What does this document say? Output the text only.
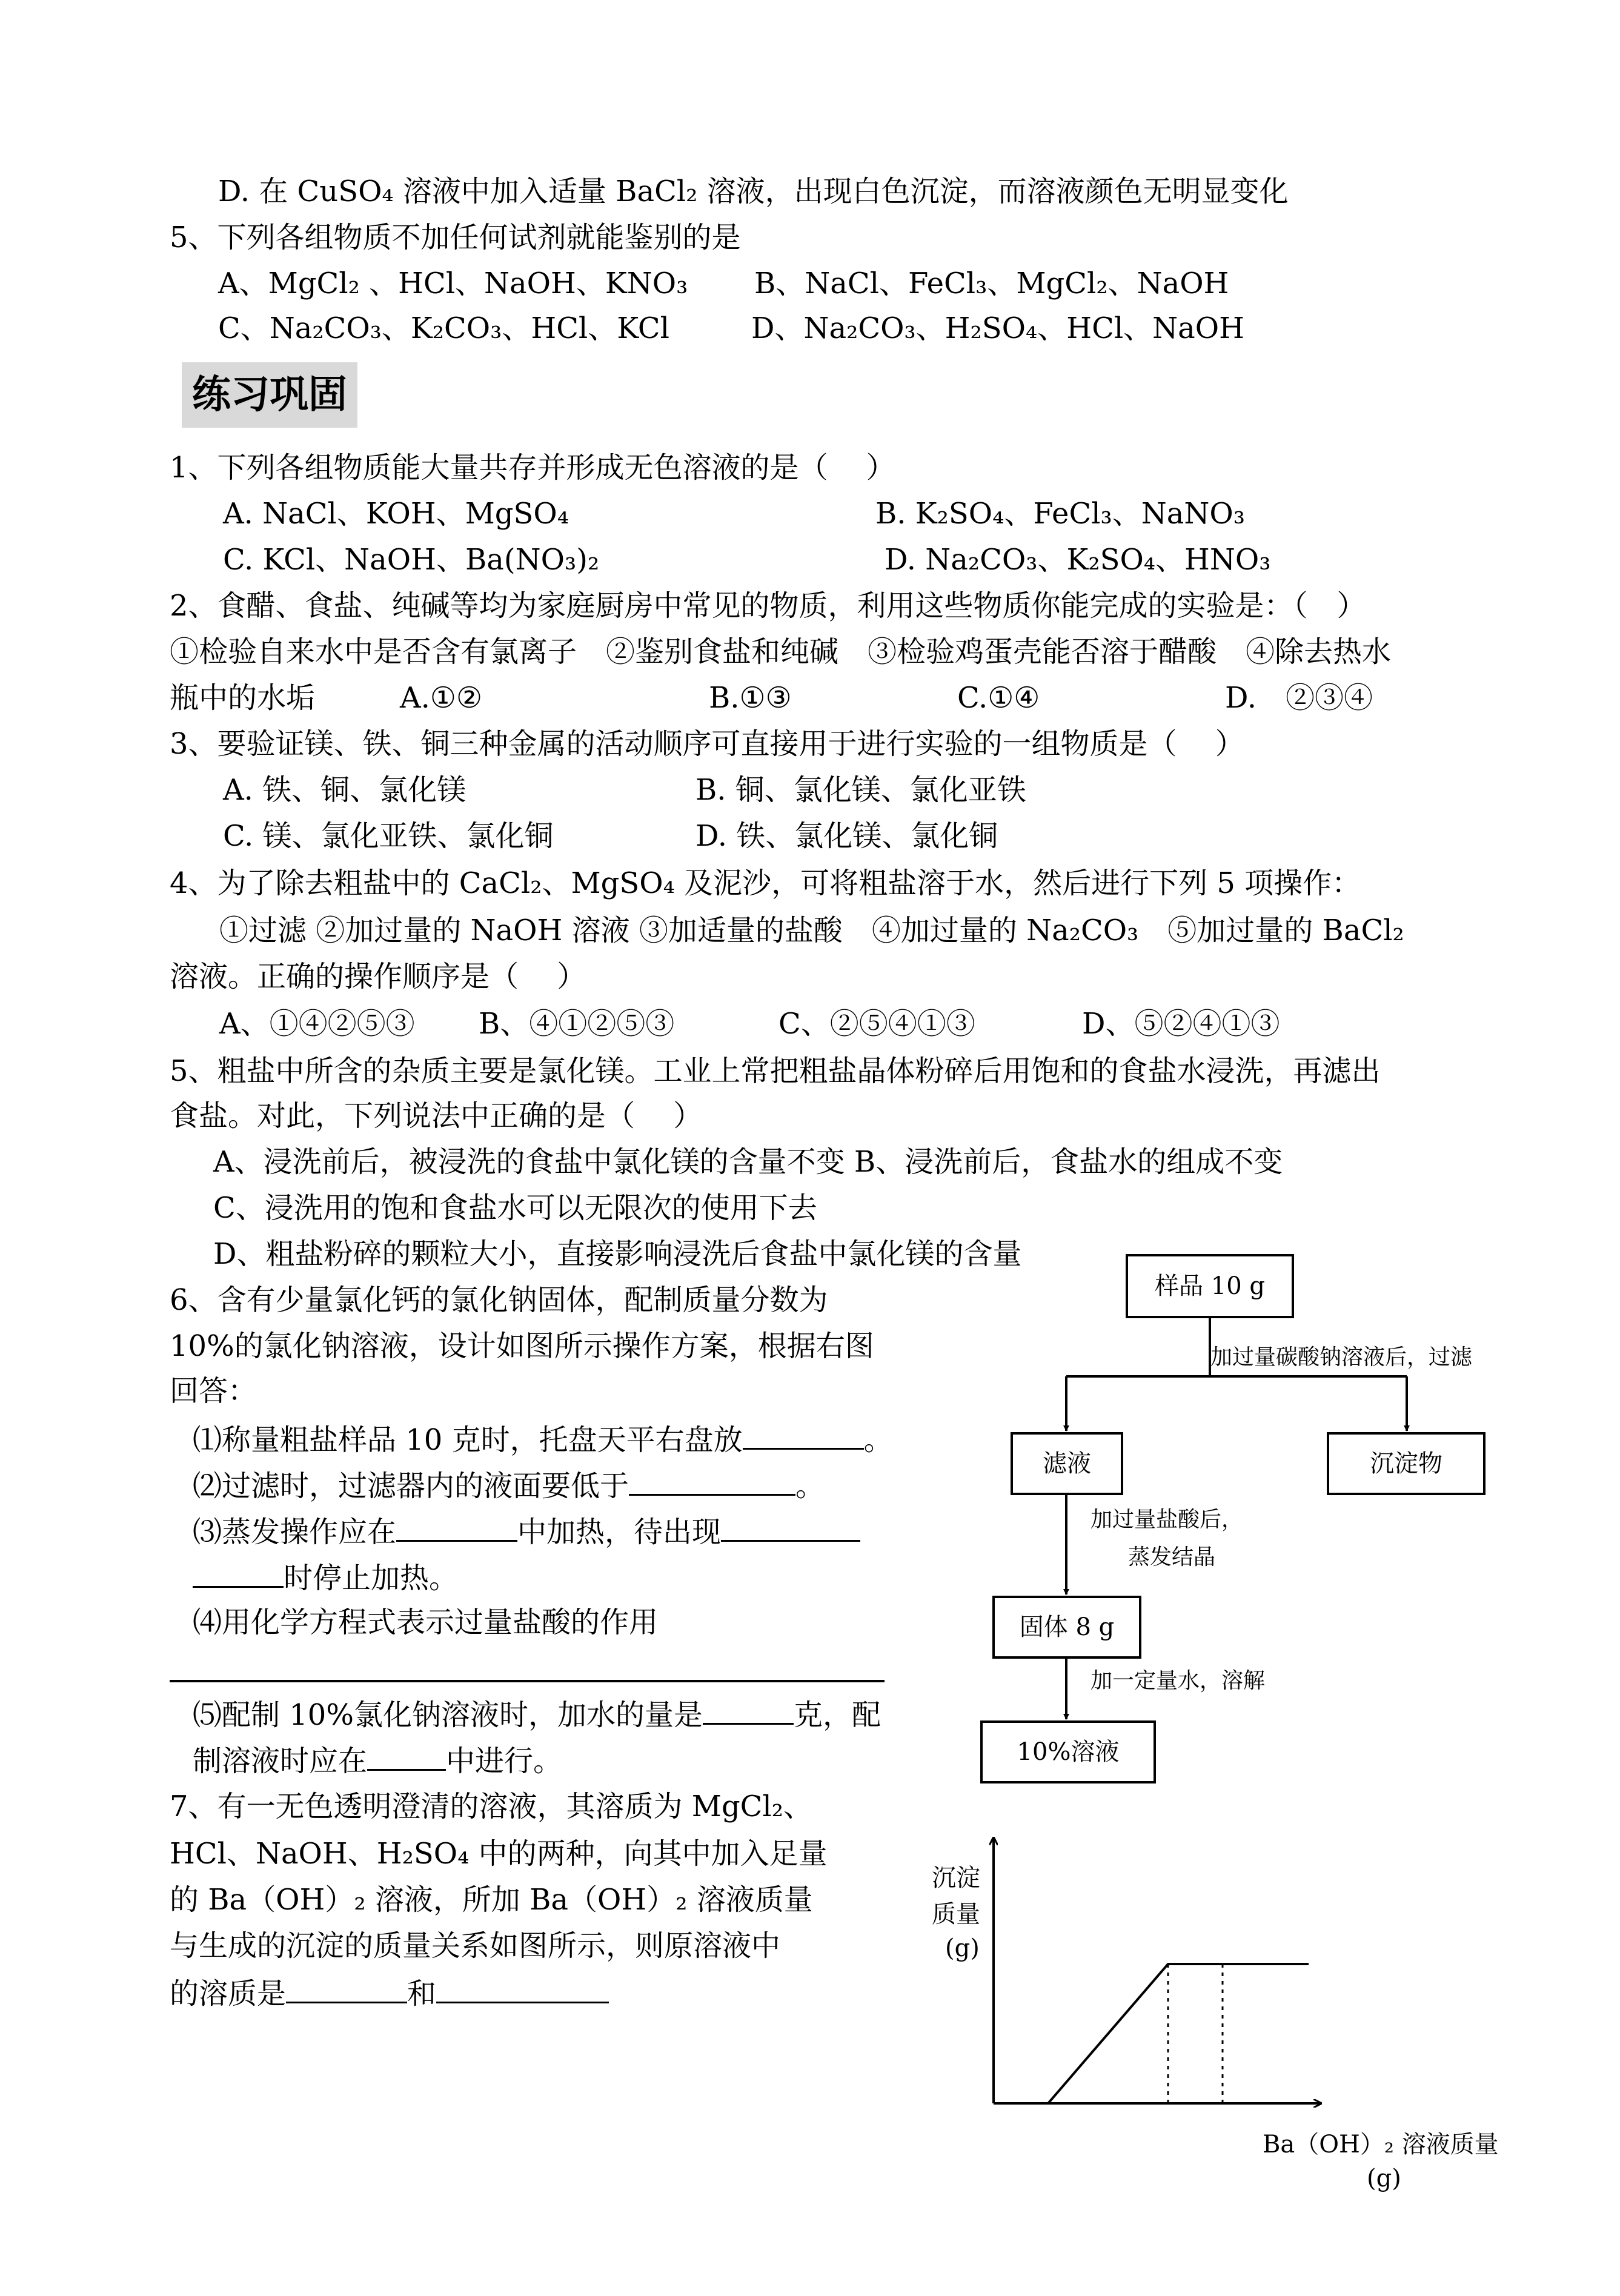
D. 在 CuSO₄ 溶液中加入适量 BaCl₂ 溶液，出现白色沉淀，而溶液颜色无明显变化
5、下列各组物质不加任何试剂就能鉴别的是
A、MgCl₂ 、HCl、NaOH、KNO₃ B、NaCl、FeCl₃、MgCl₂、NaOH
C、Na₂CO₃、K₂CO₃、HCl、KCl	D、Na₂CO₃、H₂SO₄、HCl、NaOH
练习巩固
1、下列各组物质能大量共存并形成无色溶液的是（　 ）
A. NaCl、KOH、MgSO₄	B. K₂SO₄、FeCl₃、NaNO₃
C. KCl、NaOH、Ba(NO₃)₂	D. Na₂CO₃、K₂SO₄、HNO₃
2、食醋、食盐、纯碱等均为家庭厨房中常见的物质，利用这些物质你能完成的实验是：（　）
①检验自来水中是否含有氯离子　②鉴别食盐和纯碱　③检验鸡蛋壳能否溶于醋酸　④除去热水
瓶中的水垢	A.①②	B.①③	C.①④	D.　②③④
3、要验证镁、铁、铜三种金属的活动顺序可直接用于进行实验的一组物质是（　 ）
A. 铁、铜、氯化镁	B. 铜、氯化镁、氯化亚铁
C. 镁、氯化亚铁、氯化铜	D. 铁、氯化镁、氯化铜
4、为了除去粗盐中的 CaCl₂、MgSO₄ 及泥沙，可将粗盐溶于水，然后进行下列 5 项操作：
①过滤 ②加过量的 NaOH 溶液 ③加适量的盐酸　④加过量的 Na₂CO₃　⑤加过量的 BaCl₂
溶液。正确的操作顺序是（　 ）
A、①④②⑤③ B、④①②⑤③	C、②⑤④①③	D、⑤②④①③
5、粗盐中所含的杂质主要是氯化镁。工业上常把粗盐晶体粉碎后用饱和的食盐水浸洗，再滤出
食盐。对此，下列说法中正确的是（　 ）
A、浸洗前后，被浸洗的食盐中氯化镁的含量不变 B、浸洗前后，食盐水的组成不变
C、浸洗用的饱和食盐水可以无限次的使用下去
D、粗盐粉碎的颗粒大小，直接影响浸洗后食盐中氯化镁的含量
6、含有少量氯化钙的氯化钠固体，配制质量分数为
10%的氯化钠溶液，设计如图所示操作方案，根据右图
回答：
⑴称量粗盐样品 10 克时，托盘天平右盘放	。
⑵过滤时，过滤器内的液面要低于	。
⑶蒸发操作应在	中加热，待出现
时停止加热。
⑷用化学方程式表示过量盐酸的作用
⑸配制 10%氯化钠溶液时，加水的量是	克，配
制溶液时应在	中进行。
样品 10 g
加过量碳酸钠溶液后，过滤
滤液	沉淀物
加过量盐酸后，
蒸发结晶
固体 8 g
加一定量水，溶解
10%溶液
7、有一无色透明澄清的溶液，其溶质为 MgCl₂、
HCl、NaOH、H₂SO₄ 中的两种，向其中加入足量
的 Ba（OH）₂ 溶液，所加 Ba（OH）₂ 溶液质量
与生成的沉淀的质量关系如图所示，则原溶液中
的溶质是	和
沉淀
质量
(g)
Ba（OH）₂ 溶液质量
(g)
